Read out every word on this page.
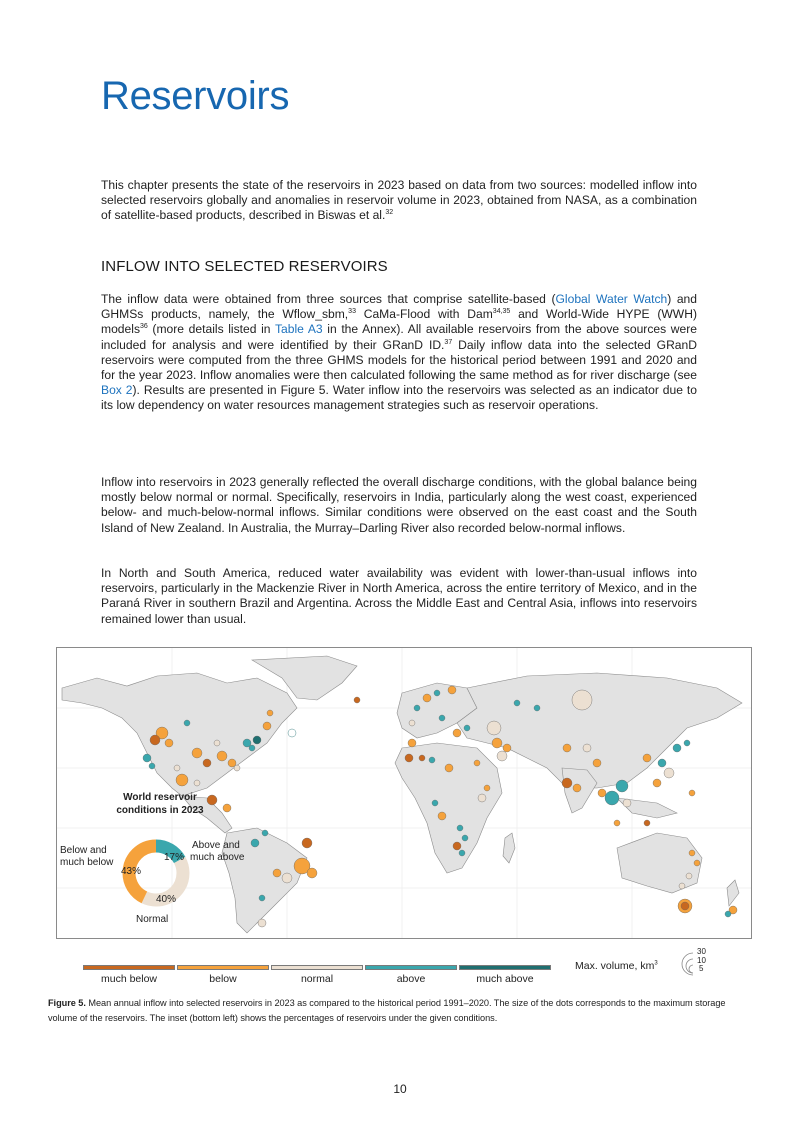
Reservoirs

This chapter presents the state of the reservoirs in 2023 based on data from two sources: modelled inflow into selected reservoirs globally and anomalies in reservoir volume in 2023, obtained from NASA, as a combination of satellite-based products, described in Biswas et al.$^{32}$

INFLOW INTO SELECTED RESERVOIRS

The inflow data were obtained from three sources that comprise satellite-based (Global Water Watch) and GHMSs products, namely, the Wflow_sbm,$^{33}$ CaMa-Flood with Dam$^{34,35}$ and World-Wide HYPE (WWH) models$^{36}$ (more details listed in Table A3 in the Annex). All available reservoirs from the above sources were included for analysis and were identified by their GRanD ID.$^{37}$ Daily inflow data into the selected GRanD reservoirs were computed from the three GHMS models for the historical period between 1991 and 2020 and for the year 2023. Inflow anomalies were then calculated following the same method as for river discharge (see Box 2). Results are presented in Figure 5. Water inflow into the reservoirs was selected as an indicator due to its low dependency on water resources management strategies such as reservoir operations.

Inflow into reservoirs in 2023 generally reflected the overall discharge conditions, with the global balance being mostly below normal or normal. Specifically, reservoirs in India, particularly along the west coast, experienced below- and much-below-normal inflows. Similar conditions were observed on the east coast and the South Island of New Zealand. In Australia, the Murray–Darling River also recorded below-normal inflows.

In North and South America, reduced water availability was evident with lower-than-usual inflows into reservoirs, particularly in the Mackenzie River in North America, across the entire territory of Mexico, and in the Paraná River in southern Brazil and Argentina. Across the Middle East and Central Asia, inflows into reservoirs remained lower than usual.

World reservoir
conditions in 2023
Below and
much below
Above and
much above
Normal
43%
17%
40%
much below	below	normal	above	much above
Max. volume, $km^3$
30
10
5

Figure 5. Mean annual inflow into selected reservoirs in 2023 as compared to the historical period 1991–2020. The size of the dots corresponds to the maximum storage volume of the reservoirs. The inset (bottom left) shows the percentages of reservoirs under the given conditions.

10
